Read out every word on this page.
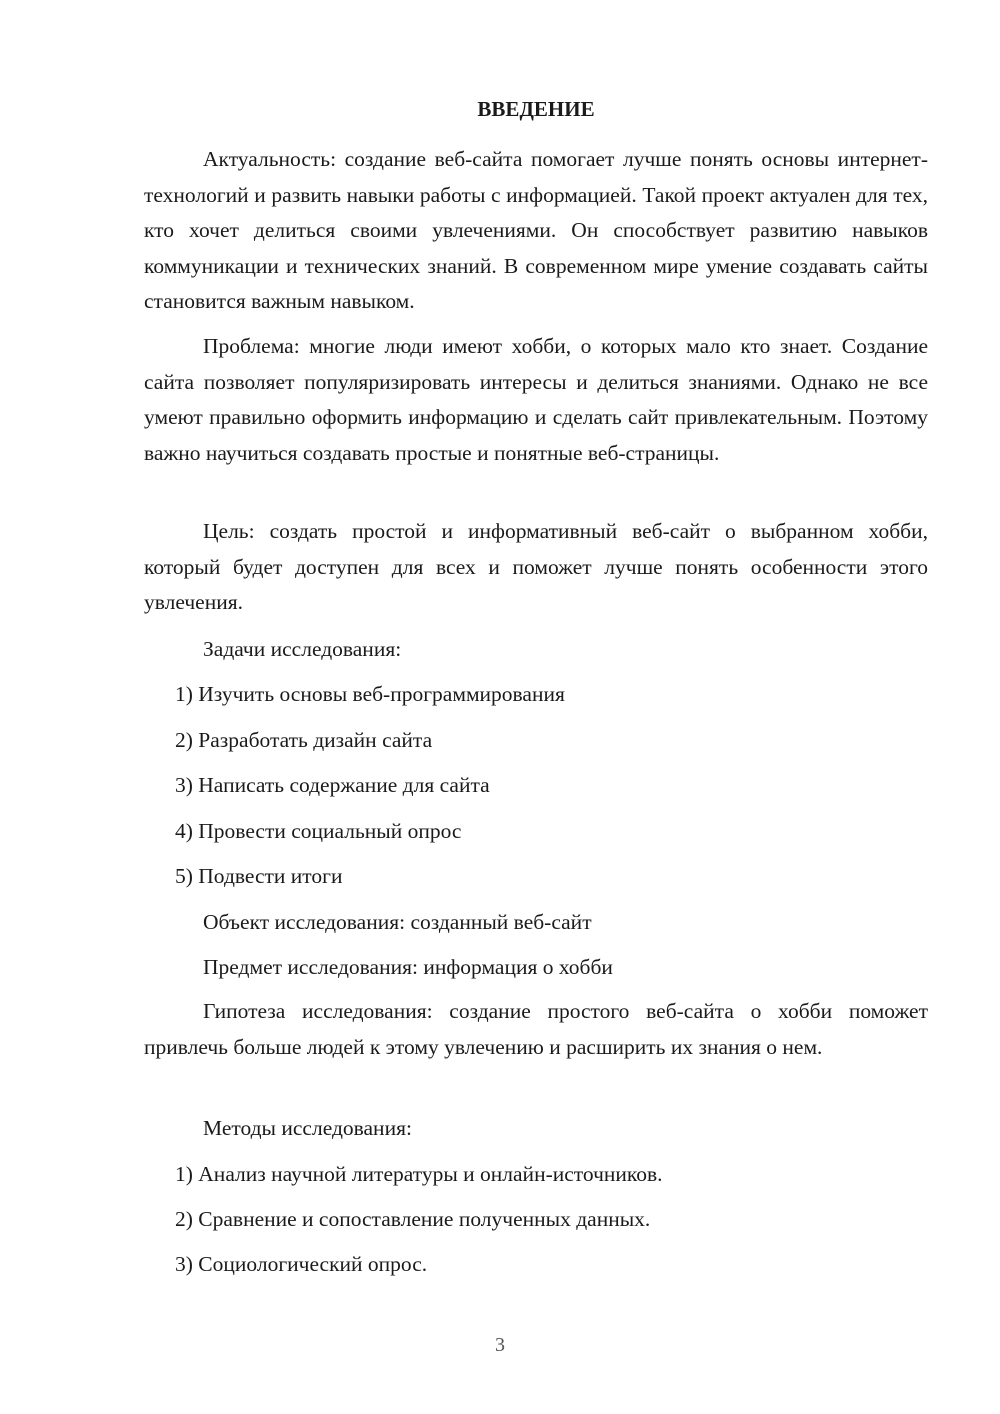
ВВЕДЕНИЕ

Актуальность: создание веб-сайта помогает лучше понять основы интернет-технологий и развить навыки работы с информацией. Такой проект актуален для тех, кто хочет делиться своими увлечениями. Он способствует развитию навыков коммуникации и технических знаний. В современном мире умение создавать сайты становится важным навыком.

Проблема: многие люди имеют хобби, о которых мало кто знает. Создание сайта позволяет популяризировать интересы и делиться знаниями. Однако не все умеют правильно оформить информацию и сделать сайт привлекательным. Поэтому важно научиться создавать простые и понятные веб-страницы.

Цель: создать простой и информативный веб-сайт о выбранном хобби, который будет доступен для всех и поможет лучше понять особенности этого увлечения.

Задачи исследования:

1) Изучить основы веб-программирования

2) Разработать дизайн сайта

3) Написать содержание для сайта

4) Провести социальный опрос

5) Подвести итоги

Объект исследования: созданный веб-сайт

Предмет исследования: информация о хобби

Гипотеза исследования: создание простого веб-сайта о хобби поможет привлечь больше людей к этому увлечению и расширить их знания о нем.

Методы исследования:

1) Анализ научной литературы и онлайн-источников.

2) Сравнение и сопоставление полученных данных.

3) Социологический опрос.

3
